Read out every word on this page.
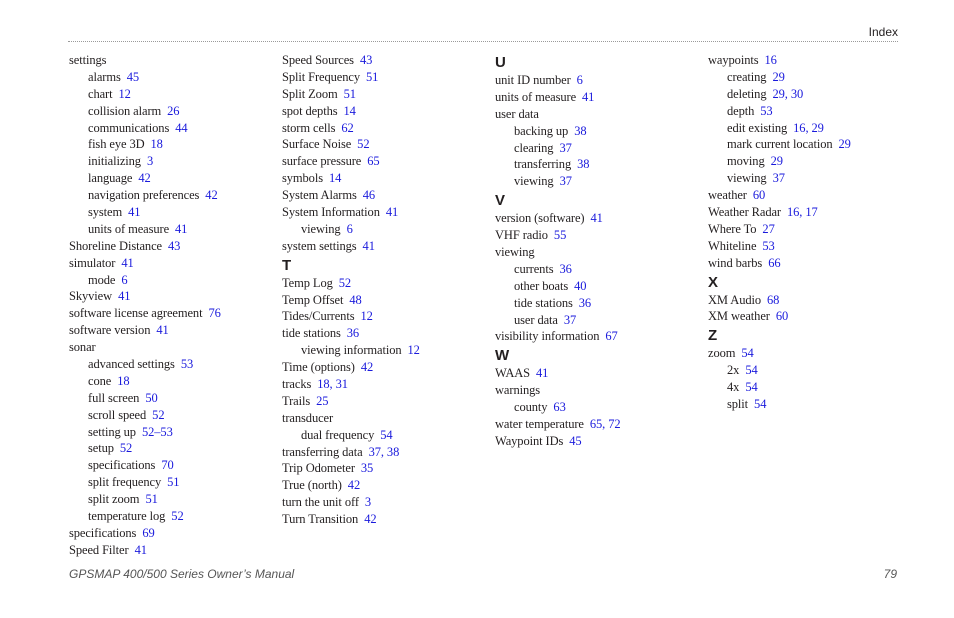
Index
settings
alarms 45
chart 12
collision alarm 26
communications 44
fish eye 3D 18
initializing 3
language 42
navigation preferences 42
system 41
units of measure 41
Shoreline Distance 43
simulator 41
mode 6
Skyview 41
software license agreement 76
software version 41
sonar
advanced settings 53
cone 18
full screen 50
scroll speed 52
setting up 52–53
setup 52
specifications 70
split frequency 51
split zoom 51
temperature log 52
specifications 69
Speed Filter 41
Speed Sources 43
Split Frequency 51
Split Zoom 51
spot depths 14
storm cells 62
Surface Noise 52
surface pressure 65
symbols 14
System Alarms 46
System Information 41
viewing 6
system settings 41
T
Temp Log 52
Temp Offset 48
Tides/Currents 12
tide stations 36
viewing information 12
Time (options) 42
tracks 18, 31
Trails 25
transducer
dual frequency 54
transferring data 37, 38
Trip Odometer 35
True (north) 42
turn the unit off 3
Turn Transition 42
U
unit ID number 6
units of measure 41
user data
backing up 38
clearing 37
transferring 38
viewing 37
V
version (software) 41
VHF radio 55
viewing
currents 36
other boats 40
tide stations 36
user data 37
visibility information 67
W
WAAS 41
warnings
county 63
water temperature 65, 72
Waypoint IDs 45
waypoints 16
creating 29
deleting 29, 30
depth 53
edit existing 16, 29
mark current location 29
moving 29
viewing 37
weather 60
Weather Radar 16, 17
Where To 27
Whiteline 53
wind barbs 66
X
XM Audio 68
XM weather 60
Z
zoom 54
2x 54
4x 54
split 54
GPSMAP 400/500 Series Owner’s Manual	79
